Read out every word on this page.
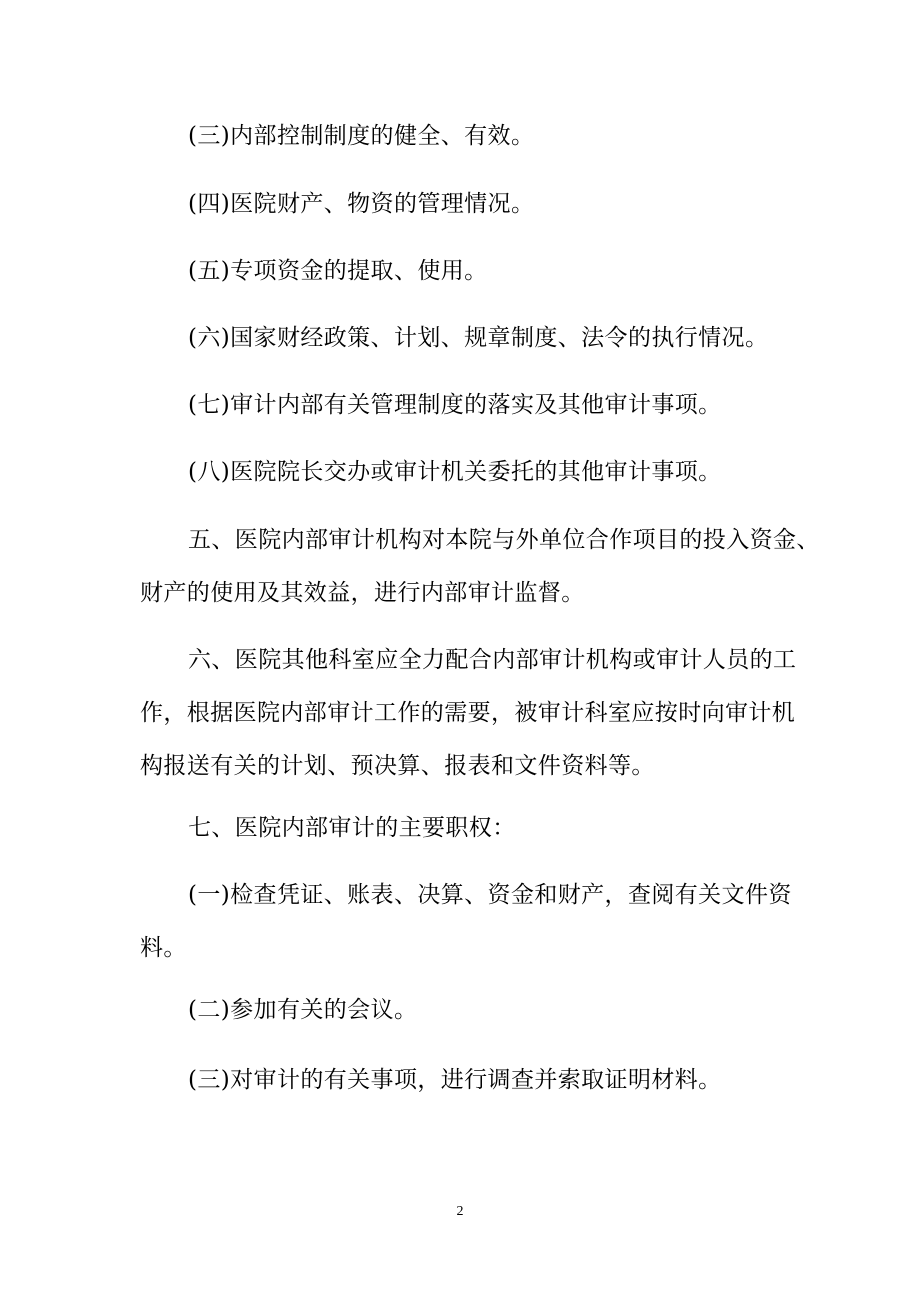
(三)内部控制制度的健全、有效。
(四)医院财产、物资的管理情况。
(五)专项资金的提取、使用。
(六)国家财经政策、计划、规章制度、法令的执行情况。
(七)审计内部有关管理制度的落实及其他审计事项。
(八)医院院长交办或审计机关委托的其他审计事项。
五、医院内部审计机构对本院与外单位合作项目的投入资金、
财产的使用及其效益，进行内部审计监督。
六、医院其他科室应全力配合内部审计机构或审计人员的工
作，根据医院内部审计工作的需要，被审计科室应按时向审计机
构报送有关的计划、预决算、报表和文件资料等。
七、医院内部审计的主要职权：
(一)检查凭证、账表、决算、资金和财产，查阅有关文件资
料。
(二)参加有关的会议。
(三)对审计的有关事项，进行调查并索取证明材料。
2
